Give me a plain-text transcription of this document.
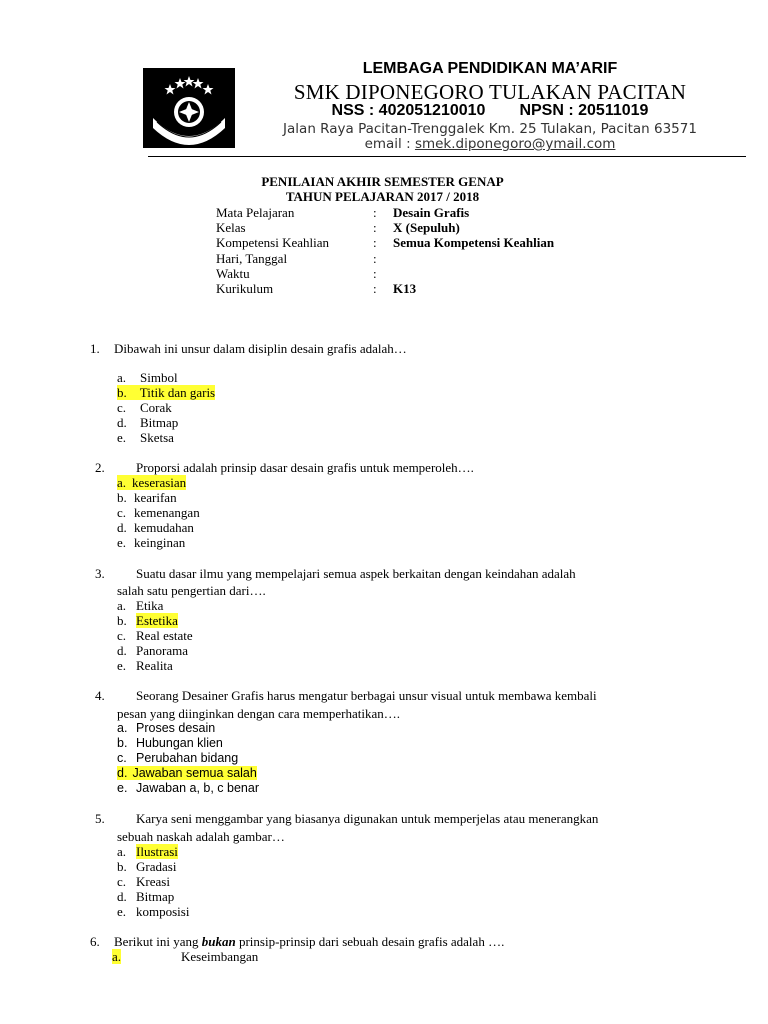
LEMBAGA PENDIDIKAN MA’ARIF
SMK DIPONEGORO TULAKAN PACITAN
NSS : 402051210010 NPSN : 20511019
Jalan Raya Pacitan-Trenggalek Km. 25 Tulakan, Pacitan 63571
email : smek.diponegoro@ymail.com
PENILAIAN AKHIR SEMESTER GENAP
TAHUN PELAJARAN 2017 / 2018
Mata Pelajaran	: Desain Grafis
Kelas	: X (Sepuluh)
Kompetensi Keahlian	: Semua Kompetensi Keahlian
Hari, Tanggal	:
Waktu	:
Kurikulum	: K13
1. Dibawah ini unsur dalam disiplin desain grafis adalah…
a. Simbol
b. Titik dan garis
c. Corak
d. Bitmap
e. Sketsa
2. Proporsi adalah prinsip dasar desain grafis untuk memperoleh….
a. keserasian
b. kearifan
c. kemenangan
d. kemudahan
e. keinginan
3. Suatu dasar ilmu yang mempelajari semua aspek berkaitan dengan keindahan adalah
salah satu pengertian dari….
a. Etika
b. Estetika
c. Real estate
d. Panorama
e. Realita
4. Seorang Desainer Grafis harus mengatur berbagai unsur visual untuk membawa kembali
pesan yang diinginkan dengan cara memperhatikan….
a. Proses desain
b. Hubungan klien
c. Perubahan bidang
d. Jawaban semua salah
e. Jawaban a, b, c benar
5. Karya seni menggambar yang biasanya digunakan untuk memperjelas atau menerangkan
sebuah naskah adalah gambar…
a. Ilustrasi
b. Gradasi
c. Kreasi
d. Bitmap
e. komposisi
6. Berikut ini yang bukan prinsip-prinsip dari sebuah desain grafis adalah ….
a.	Keseimbangan
